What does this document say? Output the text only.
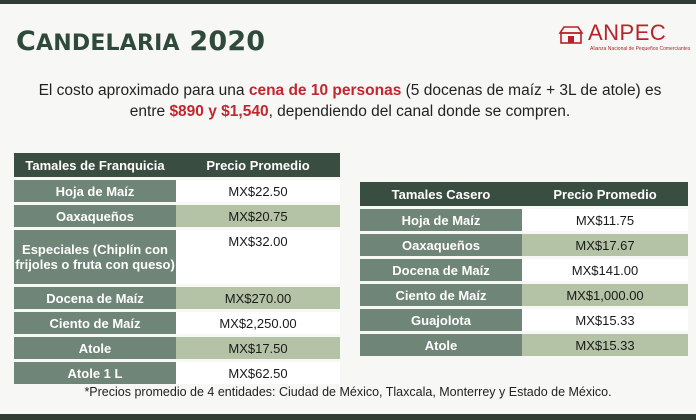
CANDELARIA 2020	ANPEC
Alianza Nacional de Pequeños Comerciantes
El costo aproximado para una cena de 10 personas (5 docenas de maíz + 3L de atole) es entre $890 y $1,540, dependiendo del canal donde se compren.
Tamales de Franquicia	Precio Promedio
Hoja de Maíz	MX$22.50
Oaxaqueños	MX$20.75
Especiales (Chiplín con frijoles o fruta con queso)	MX$32.00
Docena de Maíz	MX$270.00
Ciento de Maíz	MX$2,250.00
Atole	MX$17.50
Atole 1 L	MX$62.50
Tamales Casero	Precio Promedio
Hoja de Maíz	MX$11.75
Oaxaqueños	MX$17.67
Docena de Maíz	MX$141.00
Ciento de Maíz	MX$1,000.00
Guajolota	MX$15.33
Atole	MX$15.33
*Precios promedio de 4 entidades: Ciudad de México, Tlaxcala, Monterrey y Estado de México.
